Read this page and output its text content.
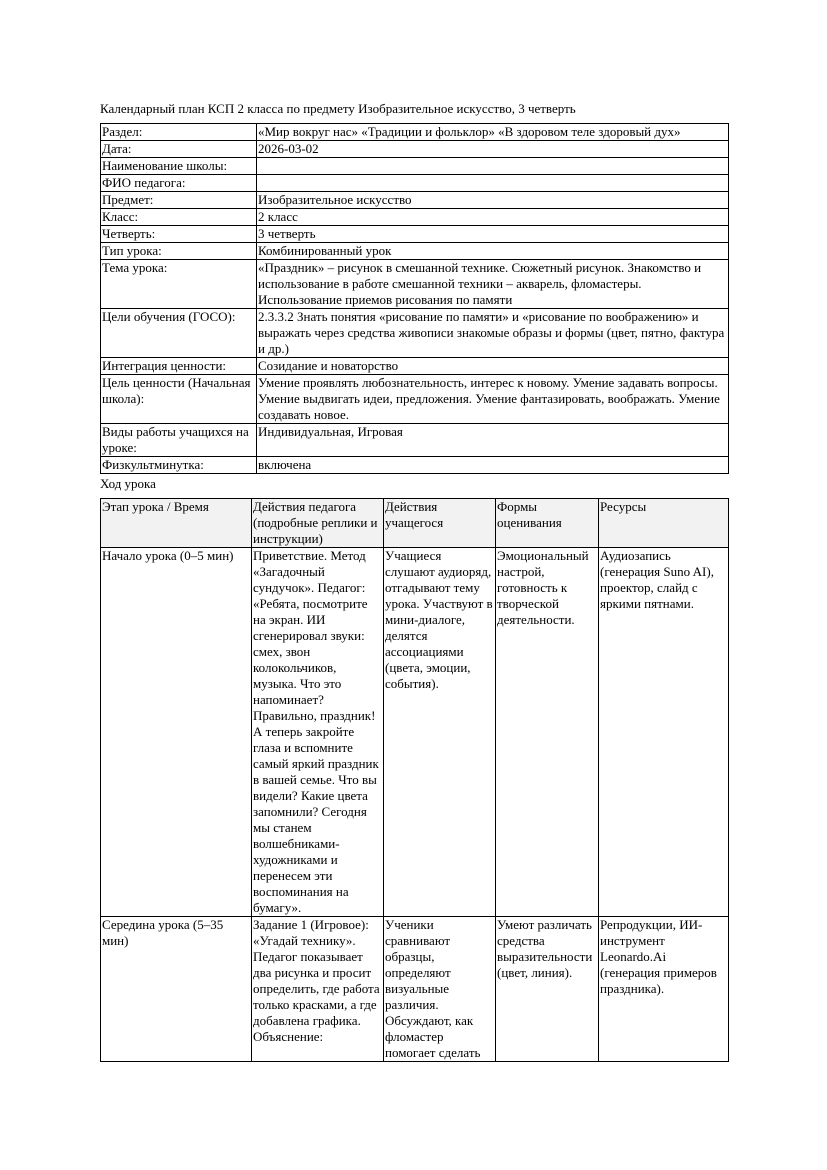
Календарный план КСП 2 класса по предмету Изобразительное искусство, 3 четверть

Раздел:	«Мир вокруг нас» «Традиции и фольклор» «В здоровом теле здоровый дух»
Дата:	2026-03-02
Наименование школы:	
ФИО педагога:	
Предмет:	Изобразительное искусство
Класс:	2 класс
Четверть:	3 четверть
Тип урока:	Комбинированный урок
Тема урока:	«Праздник» – рисунок в смешанной технике. Сюжетный рисунок. Знакомство и использование в работе смешанной техники – акварель, фломастеры. Использование приемов рисования по памяти
Цели обучения (ГОСО):	2.3.3.2 Знать понятия «рисование по памяти» и «рисование по воображению» и выражать через средства живописи знакомые образы и формы (цвет, пятно, фактура и др.)
Интеграция ценности:	Созидание и новаторство
Цель ценности (Начальная школа):	Умение проявлять любознательность, интерес к новому. Умение задавать вопросы. Умение выдвигать идеи, предложения. Умение фантазировать, воображать. Умение создавать новое.
Виды работы учащихся на уроке:	Индивидуальная, Игровая
Физкультминутка:	включена

Ход урока

Этап урока / Время	Действия педагога (подробные реплики и инструкции)	Действия учащегося	Формы оценивания	Ресурсы
Начало урока (0–5 мин)	Приветствие. Метод «Загадочный сундучок». Педагог: «Ребята, посмотрите на экран. ИИ сгенерировал звуки: смех, звон колокольчиков, музыка. Что это напоминает? Правильно, праздник! А теперь закройте глаза и вспомните самый яркий праздник в вашей семье. Что вы видели? Какие цвета запомнили? Сегодня мы станем волшебниками-художниками и перенесем эти воспоминания на бумагу».	Учащиеся слушают аудиоряд, отгадывают тему урока. Участвуют в мини-диалоге, делятся ассоциациями (цвета, эмоции, события).	Эмоциональный настрой, готовность к творческой деятельности.	Аудиозапись (генерация Suno AI), проектор, слайд с яркими пятнами.
Середина урока (5–35 мин)	Задание 1 (Игровое): «Угадай технику». Педагог показывает два рисунка и просит определить, где работа только красками, а где добавлена графика. Объяснение:	Ученики сравнивают образцы, определяют визуальные различия. Обсуждают, как фломастер помогает сделать	Умеют различать средства выразительности (цвет, линия).	Репродукции, ИИ-инструмент Leonardo.Ai (генерация примеров праздника).
